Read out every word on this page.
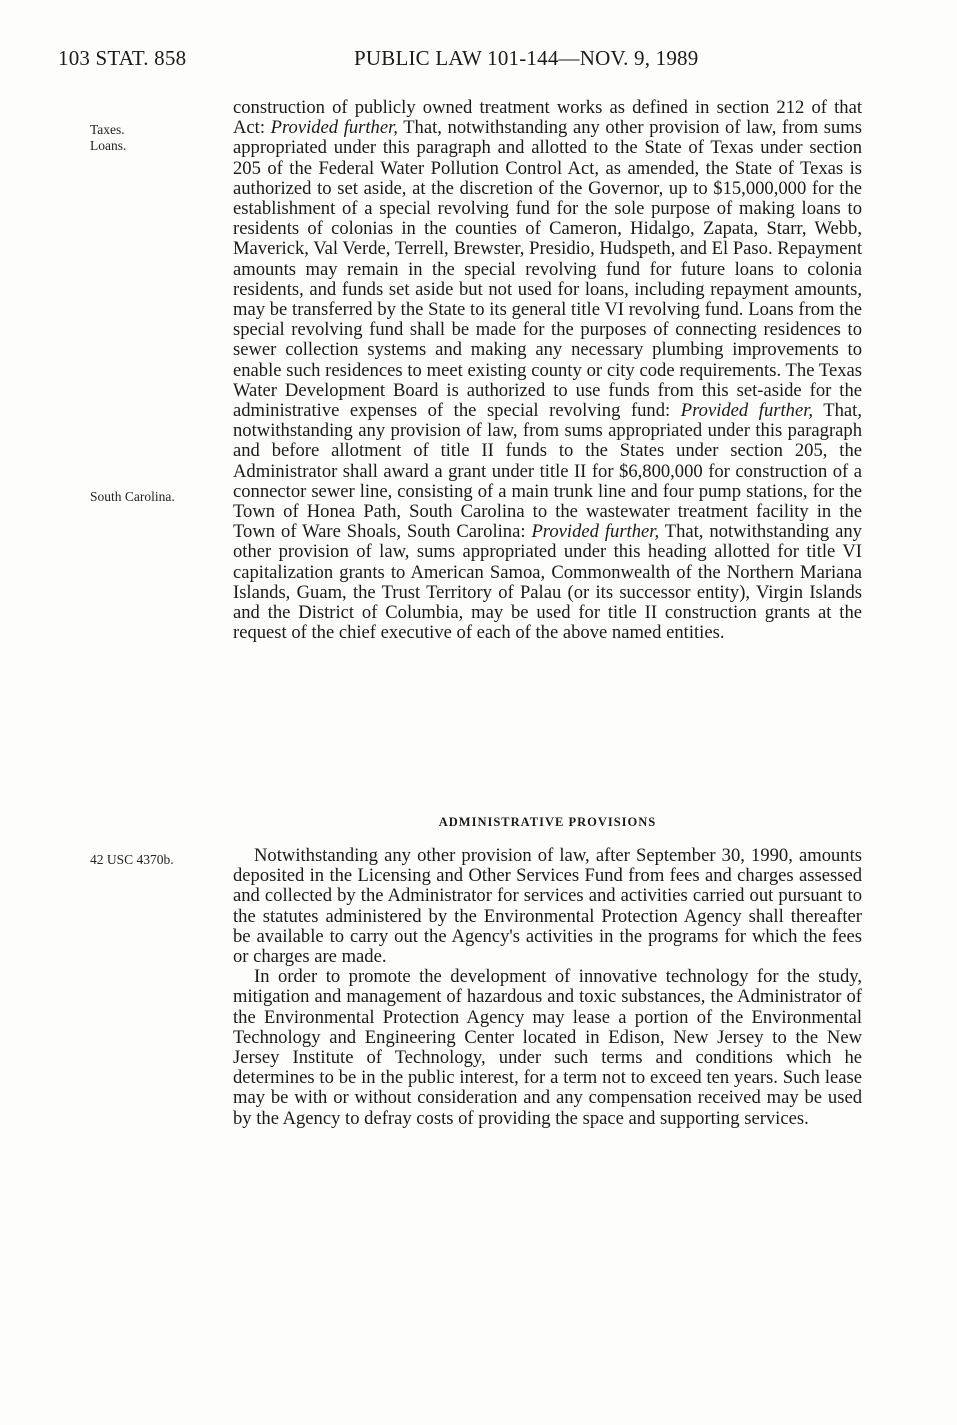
103 STAT. 858	PUBLIC LAW 101-144—NOV. 9, 1989
Taxes.
Loans.
South Carolina.
42 USC 4370b.

construction of publicly owned treatment works as defined in section 212 of that Act: Provided further, That, notwithstanding any other provision of law, from sums appropriated under this paragraph and allotted to the State of Texas under section 205 of the Federal Water Pollution Control Act, as amended, the State of Texas is authorized to set aside, at the discretion of the Governor, up to $15,000,000 for the establishment of a special revolving fund for the sole purpose of making loans to residents of colonias in the counties of Cameron, Hidalgo, Zapata, Starr, Webb, Maverick, Val Verde, Terrell, Brewster, Presidio, Hudspeth, and El Paso. Repayment amounts may remain in the special revolving fund for future loans to colonia residents, and funds set aside but not used for loans, including repayment amounts, may be transferred by the State to its general title VI revolving fund. Loans from the special revolving fund shall be made for the purposes of connecting residences to sewer collection systems and making any necessary plumbing improvements to enable such residences to meet existing county or city code requirements. The Texas Water Development Board is authorized to use funds from this set-aside for the administrative expenses of the special revolving fund: Provided further, That, notwithstanding any provision of law, from sums appropriated under this paragraph and before allotment of title II funds to the States under section 205, the Administrator shall award a grant under title II for $6,800,000 for construction of a connector sewer line, consisting of a main trunk line and four pump stations, for the Town of Honea Path, South Carolina to the wastewater treatment facility in the Town of Ware Shoals, South Carolina: Provided further, That, notwithstanding any other provision of law, sums appropriated under this heading allotted for title VI capitalization grants to American Samoa, Commonwealth of the Northern Mariana Islands, Guam, the Trust Territory of Palau (or its successor entity), Virgin Islands and the District of Columbia, may be used for title II construction grants at the request of the chief executive of each of the above named entities.

ADMINISTRATIVE PROVISIONS

Notwithstanding any other provision of law, after September 30, 1990, amounts deposited in the Licensing and Other Services Fund from fees and charges assessed and collected by the Administrator for services and activities carried out pursuant to the statutes administered by the Environmental Protection Agency shall thereafter be available to carry out the Agency's activities in the programs for which the fees or charges are made.

In order to promote the development of innovative technology for the study, mitigation and management of hazardous and toxic substances, the Administrator of the Environmental Protection Agency may lease a portion of the Environmental Technology and Engineering Center located in Edison, New Jersey to the New Jersey Institute of Technology, under such terms and conditions which he determines to be in the public interest, for a term not to exceed ten years. Such lease may be with or without consideration and any compensation received may be used by the Agency to defray costs of providing the space and supporting services.
